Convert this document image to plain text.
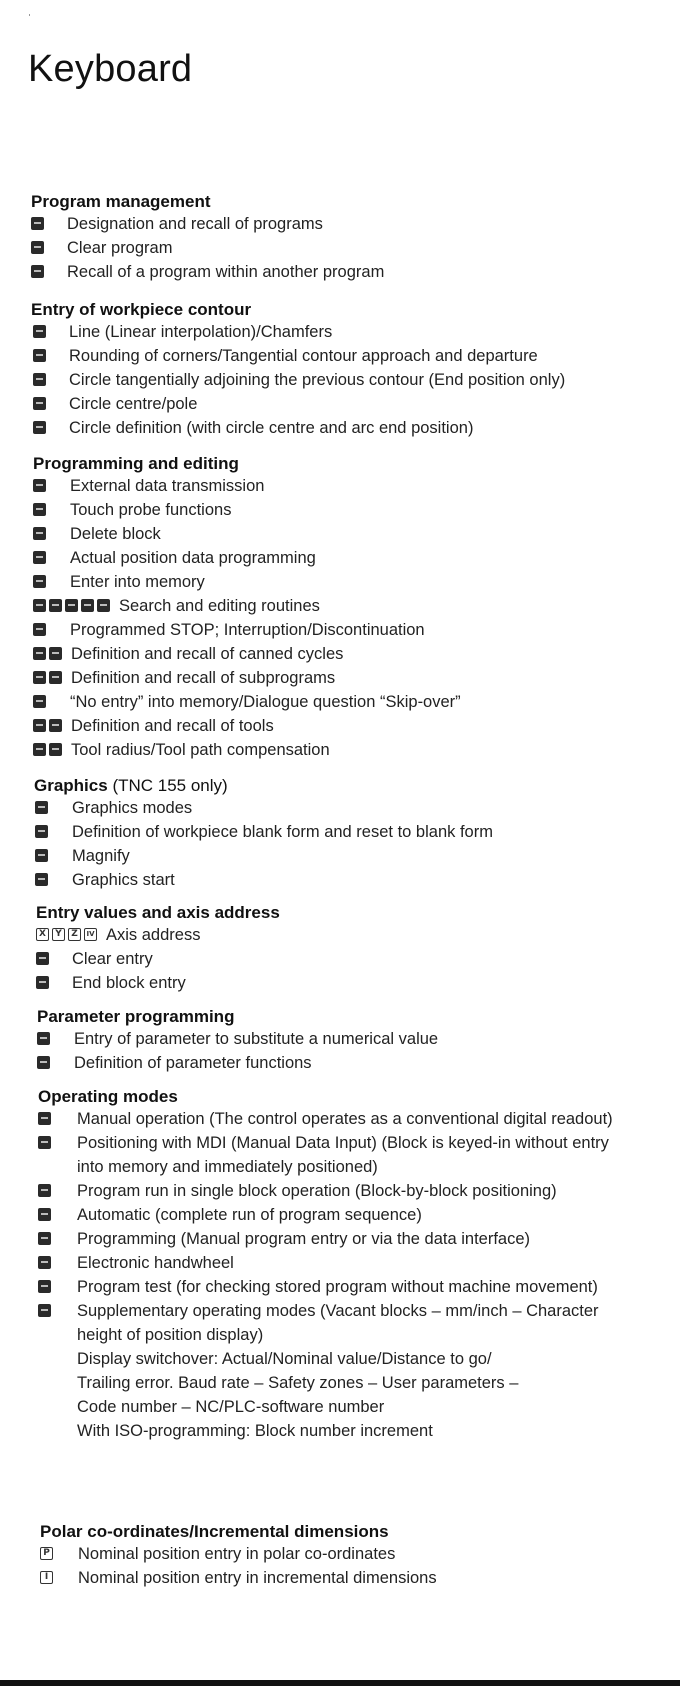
Keyboard
Program management
Designation and recall of programs
Clear program
Recall of a program within another program
Entry of workpiece contour
Line (Linear interpolation)/Chamfers
Rounding of corners/Tangential contour approach and departure
Circle tangentially adjoining the previous contour (End position only)
Circle centre/pole
Circle definition (with circle centre and arc end position)
Programming and editing
External data transmission
Touch probe functions
Delete block
Actual position data programming
Enter into memory
Search and editing routines
Programmed STOP; Interruption/Discontinuation
Definition and recall of canned cycles
Definition and recall of subprograms
“No entry” into memory/Dialogue question “Skip-over”
Definition and recall of tools
Tool radius/Tool path compensation
Graphics (TNC 155 only)
Graphics modes
Definition of workpiece blank form and reset to blank form
Magnify
Graphics start
Entry values and axis address
X	Y	Z	IV Axis address
Clear entry
End block entry
Parameter programming
Entry of parameter to substitute a numerical value
Definition of parameter functions
Operating modes
Manual operation (The control operates as a conventional digital readout)
Positioning with MDI (Manual Data Input) (Block is keyed-in without entry into memory and immediately positioned)
Program run in single block operation (Block-by-block positioning)
Automatic (complete run of program sequence)
Programming (Manual program entry or via the data interface)
Electronic handwheel
Program test (for checking stored program without machine movement)
Supplementary operating modes (Vacant blocks – mm/inch – Character height of position display)
Display switchover: Actual/Nominal value/Distance to go/
Trailing error. Baud rate – Safety zones – User parameters –
Code number – NC/PLC-software number
With ISO-programming: Block number increment
Polar co-ordinates/Incremental dimensions
P	Nominal position entry in polar co-ordinates
I	Nominal position entry in incremental dimensions
